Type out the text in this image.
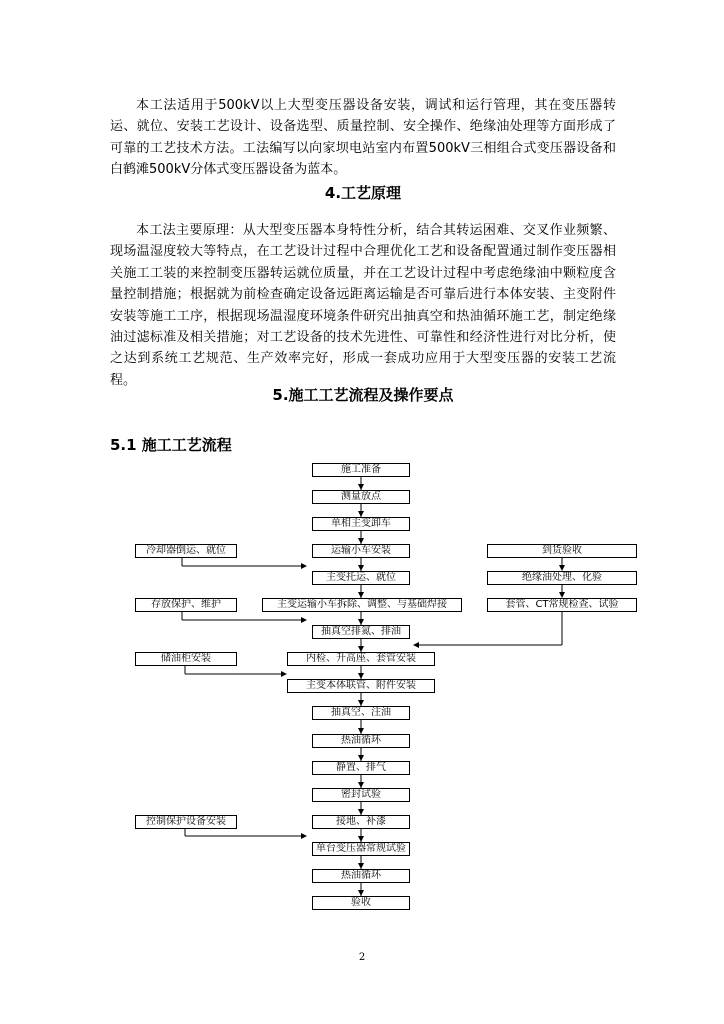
本工法适用于500kV以上大型变压器设备安装，调试和运行管理，其在变压器转运、就位、安装工艺设计、设备选型、质量控制、安全操作、绝缘油处理等方面形成了可靠的工艺技术方法。工法编写以向家坝电站室内布置500kV三相组合式变压器设备和白鹤滩500kV分体式变压器设备为蓝本。

4.工艺原理

本工法主要原理：从大型变压器本身特性分析，结合其转运困难、交叉作业频繁、现场温湿度较大等特点，在工艺设计过程中合理优化工艺和设备配置通过制作变压器相关施工工装的来控制变压器转运就位质量，并在工艺设计过程中考虑绝缘油中颗粒度含量控制措施；根据就为前检查确定设备远距离运输是否可靠后进行本体安装、主变附件安装等施工工序，根据现场温湿度环境条件研究出抽真空和热油循环施工艺，制定绝缘油过滤标准及相关措施；对工艺设备的技术先进性、可靠性和经济性进行对比分析，使之达到系统工艺规范、生产效率完好，形成一套成功应用于大型变压器的安装工艺流程。

5.施工工艺流程及操作要点
5.1 施工工艺流程
施工准备
测量放点
单相主变卸车
运输小车安装
主变托运、就位
主变运输小车拆除、调整、与基础焊接
抽真空排氮、排油
内检、升高座、套管安装
主变本体联管、附件安装
抽真空、注油
热油循环
静置、排气
密封试验
接地、补漆
单台变压器常规试验
热油循环
验收
冷却器倒运、就位
存放保护、维护
储油柜安装
控制保护设备安装
到货验收
绝缘油处理、化验
套管、CT常规检查、试验
2
